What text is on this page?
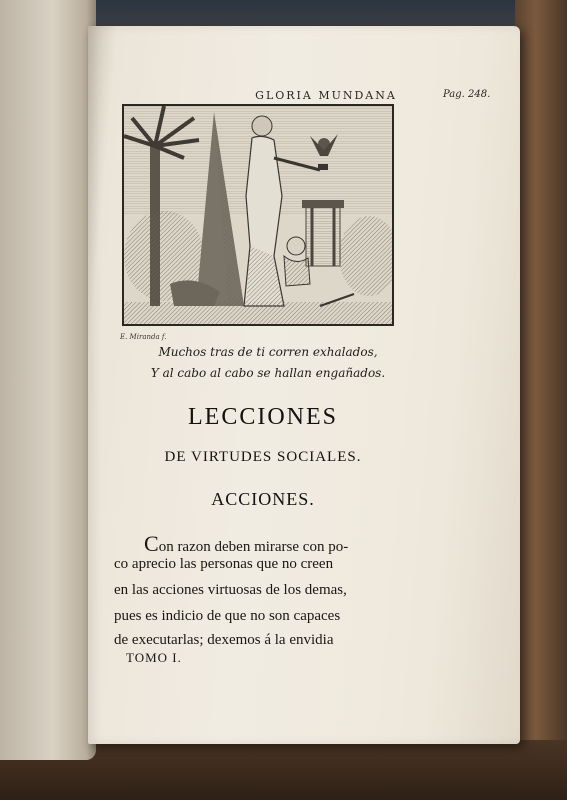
GLORIA MUNDANA	Pag. 248.
E. Miranda f.
Muchos tras de ti corren exhalados,
Y al cabo al cabo se hallan engañados.
LECCIONES
DE VIRTUDES SOCIALES.
ACCIONES.
Con razon deben mirarse con po-
co aprecio las personas que no creen
en las acciones virtuosas de los demas,
pues es indicio de que no son capaces
de executarlas; dexemos á la envidia
TOMO I.
